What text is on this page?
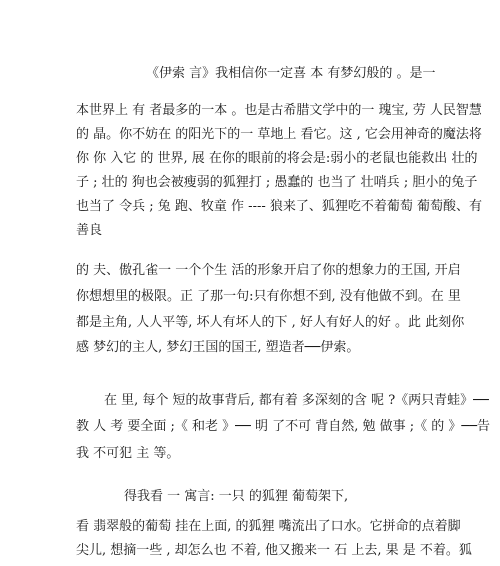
《伊索 言》我相信你一定喜 本 有梦幻般的 。是一
本世界上 有 者最多的一本 。也是古希腊文学中的一 瑰宝, 劳 人民智慧
的 晶。你不妨在 的阳光下的一 草地上 看它。这 , 它会用神奇的魔法将
你 你 入它 的 世界, 展 在你的眼前的将会是:弱小的老鼠也能救出 壮的
子 ; 壮的 狗也会被瘦弱的狐狸打 ; 愚蠢的 也当了 壮哨兵 ; 胆小的兔子
也当了 令兵 ; 兔 跑、牧童 作 ---- 狼来了、狐狸吃不着葡萄 葡萄酸、有
善良
的 夫、傲孔雀一 一个个生 活的形象开启了你的想象力的王国, 开启
你想想里的极限。正 了那一句:只有你想不到, 没有他做不到。在 里
都是主角, 人人平等, 坏人有坏人的下 , 好人有好人的好 。此 此刻你
感 梦幻的主人, 梦幻王国的国王, 塑造者──伊索。
在 里, 每个 短的故事背后, 都有着 多深刻的含 呢 ?《两只青蛙》──
教 人 考 要全面 ;《 和老 》── 明 了不可 背自然, 勉 做事 ;《 的 》──告
我 不可犯 主 等。
得我看 一 寓言: 一只 的狐狸 葡萄架下,
看 翡翠般的葡萄 挂在上面, 的狐狸 嘴流出了口水。它拼命的点着脚
尖儿, 想摘一些 , 却怎么也 不着, 他又搬来一 石 上去, 果 是 不着。狐
